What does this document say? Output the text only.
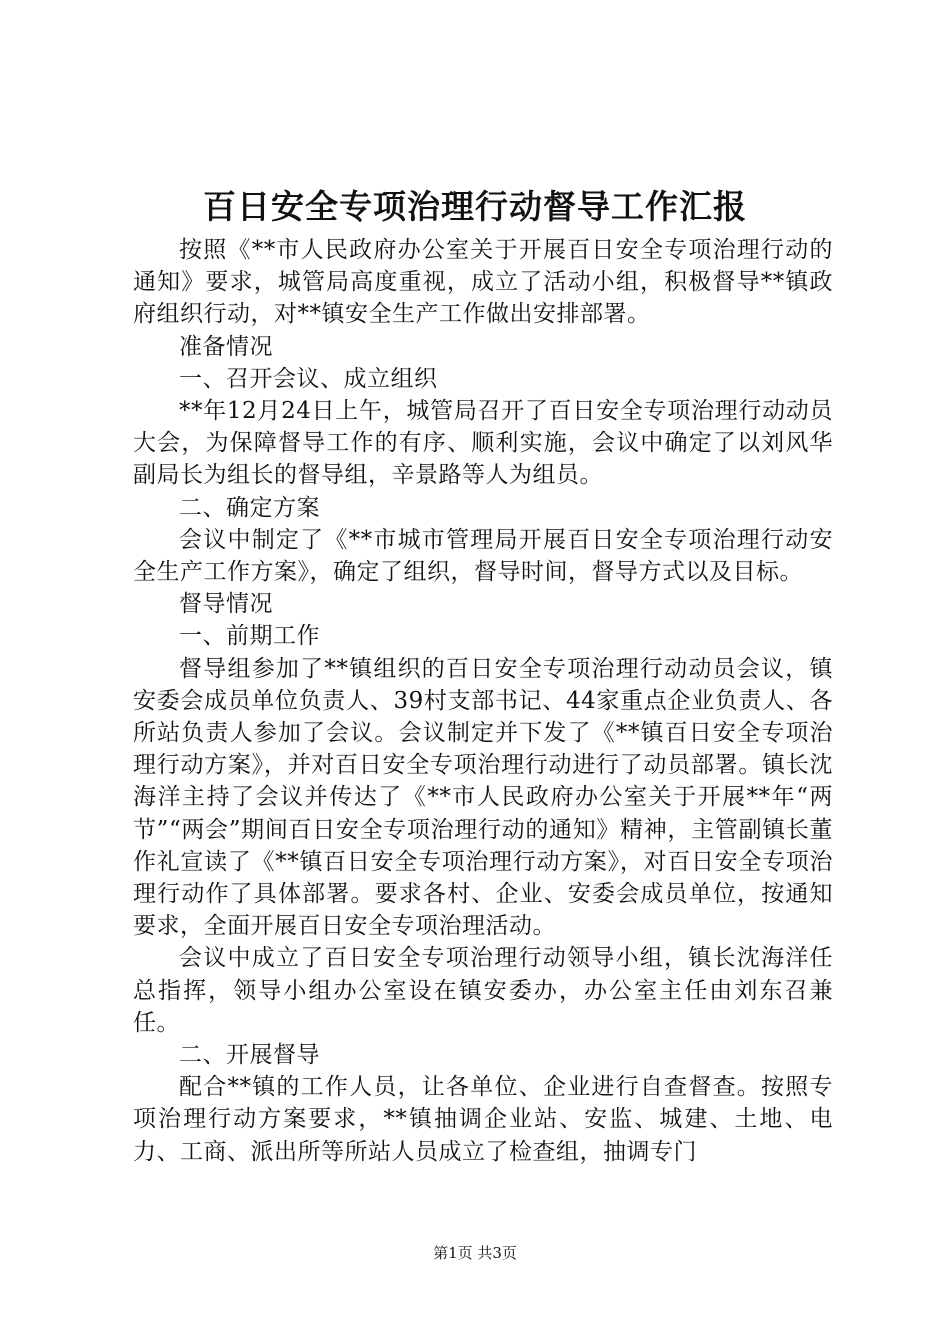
百日安全专项治理行动督导工作汇报

按照《**市人民政府办公室关于开展百日安全专项治理行动的通知》要求，城管局高度重视，成立了活动小组，积极督导**镇政府组织行动，对**镇安全生产工作做出安排部署。

准备情况

一、召开会议、成立组织

**年12月24日上午，城管局召开了百日安全专项治理行动动员大会，为保障督导工作的有序、顺利实施，会议中确定了以刘风华副局长为组长的督导组，辛景路等人为组员。

二、确定方案

会议中制定了《**市城市管理局开展百日安全专项治理行动安全生产工作方案》，确定了组织，督导时间，督导方式以及目标。

督导情况

一、前期工作

督导组参加了**镇组织的百日安全专项治理行动动员会议，镇安委会成员单位负责人、39村支部书记、44家重点企业负责人、各所站负责人参加了会议。会议制定并下发了《**镇百日安全专项治理行动方案》，并对百日安全专项治理行动进行了动员部署。镇长沈海洋主持了会议并传达了《**市人民政府办公室关于开展**年“两节”“两会”期间百日安全专项治理行动的通知》精神，主管副镇长董作礼宣读了《**镇百日安全专项治理行动方案》，对百日安全专项治理行动作了具体部署。要求各村、企业、安委会成员单位，按通知要求，全面开展百日安全专项治理活动。

会议中成立了百日安全专项治理行动领导小组，镇长沈海洋任总指挥，领导小组办公室设在镇安委办，办公室主任由刘东召兼任。

二、开展督导

配合**镇的工作人员，让各单位、企业进行自查督查。按照专项治理行动方案要求，**镇抽调企业站、安监、城建、土地、电力、工商、派出所等所站人员成立了检查组，抽调专门

第1页 共3页
